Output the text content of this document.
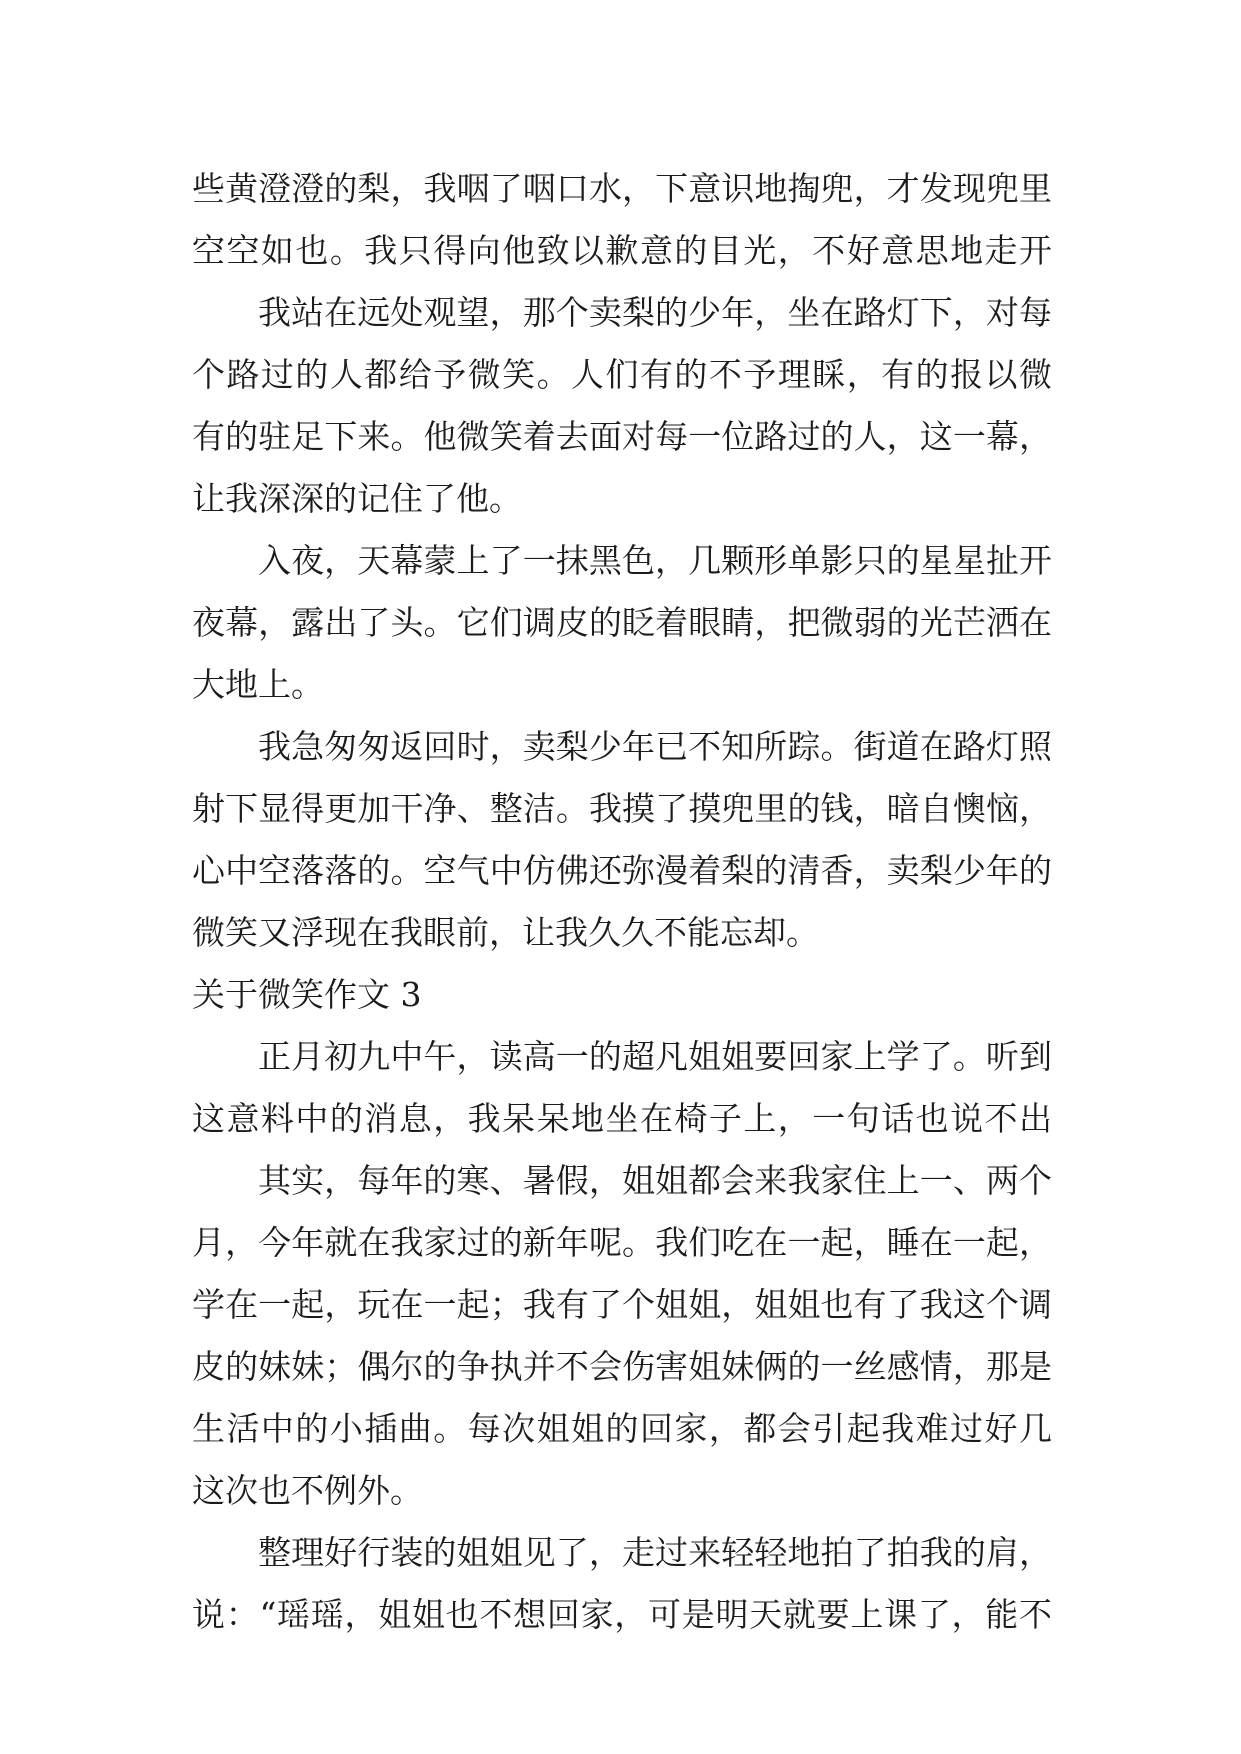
些黄澄澄的梨，我咽了咽口水，下意识地掏兜，才发现兜里
空空如也。我只得向他致以歉意的目光，不好意思地走开
我站在远处观望，那个卖梨的少年，坐在路灯下，对每
个路过的人都给予微笑。人们有的不予理睬，有的报以微
有的驻足下来。他微笑着去面对每一位路过的人，这一幕，
让我深深的记住了他。
入夜，天幕蒙上了一抹黑色，几颗形单影只的星星扯开
夜幕，露出了头。它们调皮的眨着眼睛，把微弱的光芒洒在
大地上。
我急匆匆返回时，卖梨少年已不知所踪。街道在路灯照
射下显得更加干净、整洁。我摸了摸兜里的钱，暗自懊恼，
心中空落落的。空气中仿佛还弥漫着梨的清香，卖梨少年的
微笑又浮现在我眼前，让我久久不能忘却。
关于微笑作文 3
正月初九中午，读高一的超凡姐姐要回家上学了。听到
这意料中的消息，我呆呆地坐在椅子上，一句话也说不出
其实，每年的寒、暑假，姐姐都会来我家住上一、两个
月，今年就在我家过的新年呢。我们吃在一起，睡在一起，
学在一起，玩在一起；我有了个姐姐，姐姐也有了我这个调
皮的妹妹；偶尔的争执并不会伤害姐妹俩的一丝感情，那是
生活中的小插曲。每次姐姐的回家，都会引起我难过好几
这次也不例外。
整理好行装的姐姐见了，走过来轻轻地拍了拍我的肩，
说：“瑶瑶，姐姐也不想回家，可是明天就要上课了，能不
